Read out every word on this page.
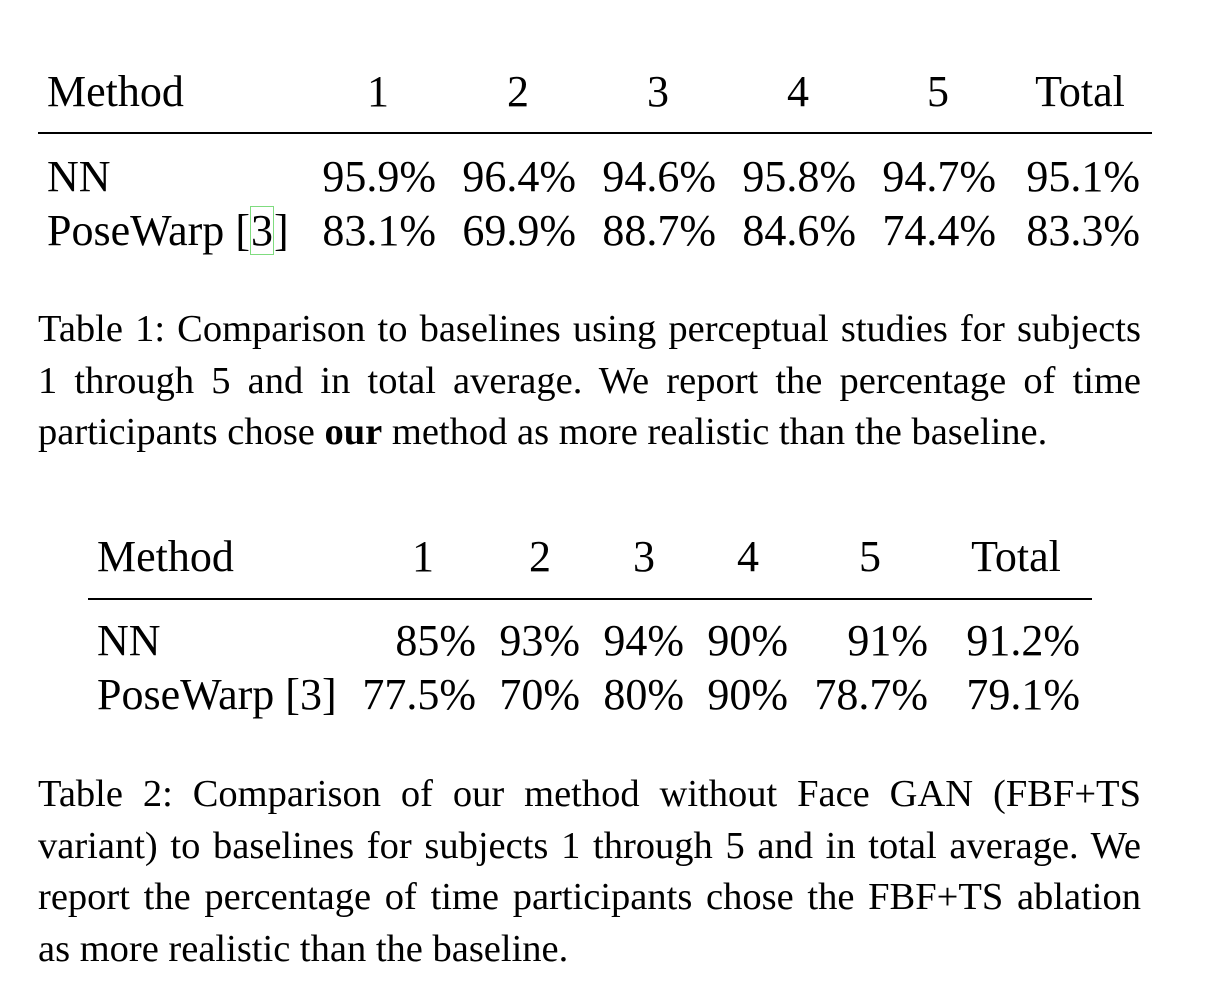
Method	1	2	3	4	5	Total
NN	95.9%	96.4%	94.6%	95.8%	94.7%	95.1%
PoseWarp [3]	83.1%	69.9%	88.7%	84.6%	74.4%	83.3%

Table 1: Comparison to baselines using perceptual studies for subjects 1 through 5 and in total average. We report the percentage of time participants chose our method as more realistic than the baseline.

Method	1	2	3	4	5	Total
NN	85%	93%	94%	90%	91%	91.2%
PoseWarp [3]	77.5%	70%	80%	90%	78.7%	79.1%

Table 2: Comparison of our method without Face GAN (FBF+TS variant) to baselines for subjects 1 through 5 and in total average. We report the percentage of time participants chose the FBF+TS ablation as more realistic than the baseline.
